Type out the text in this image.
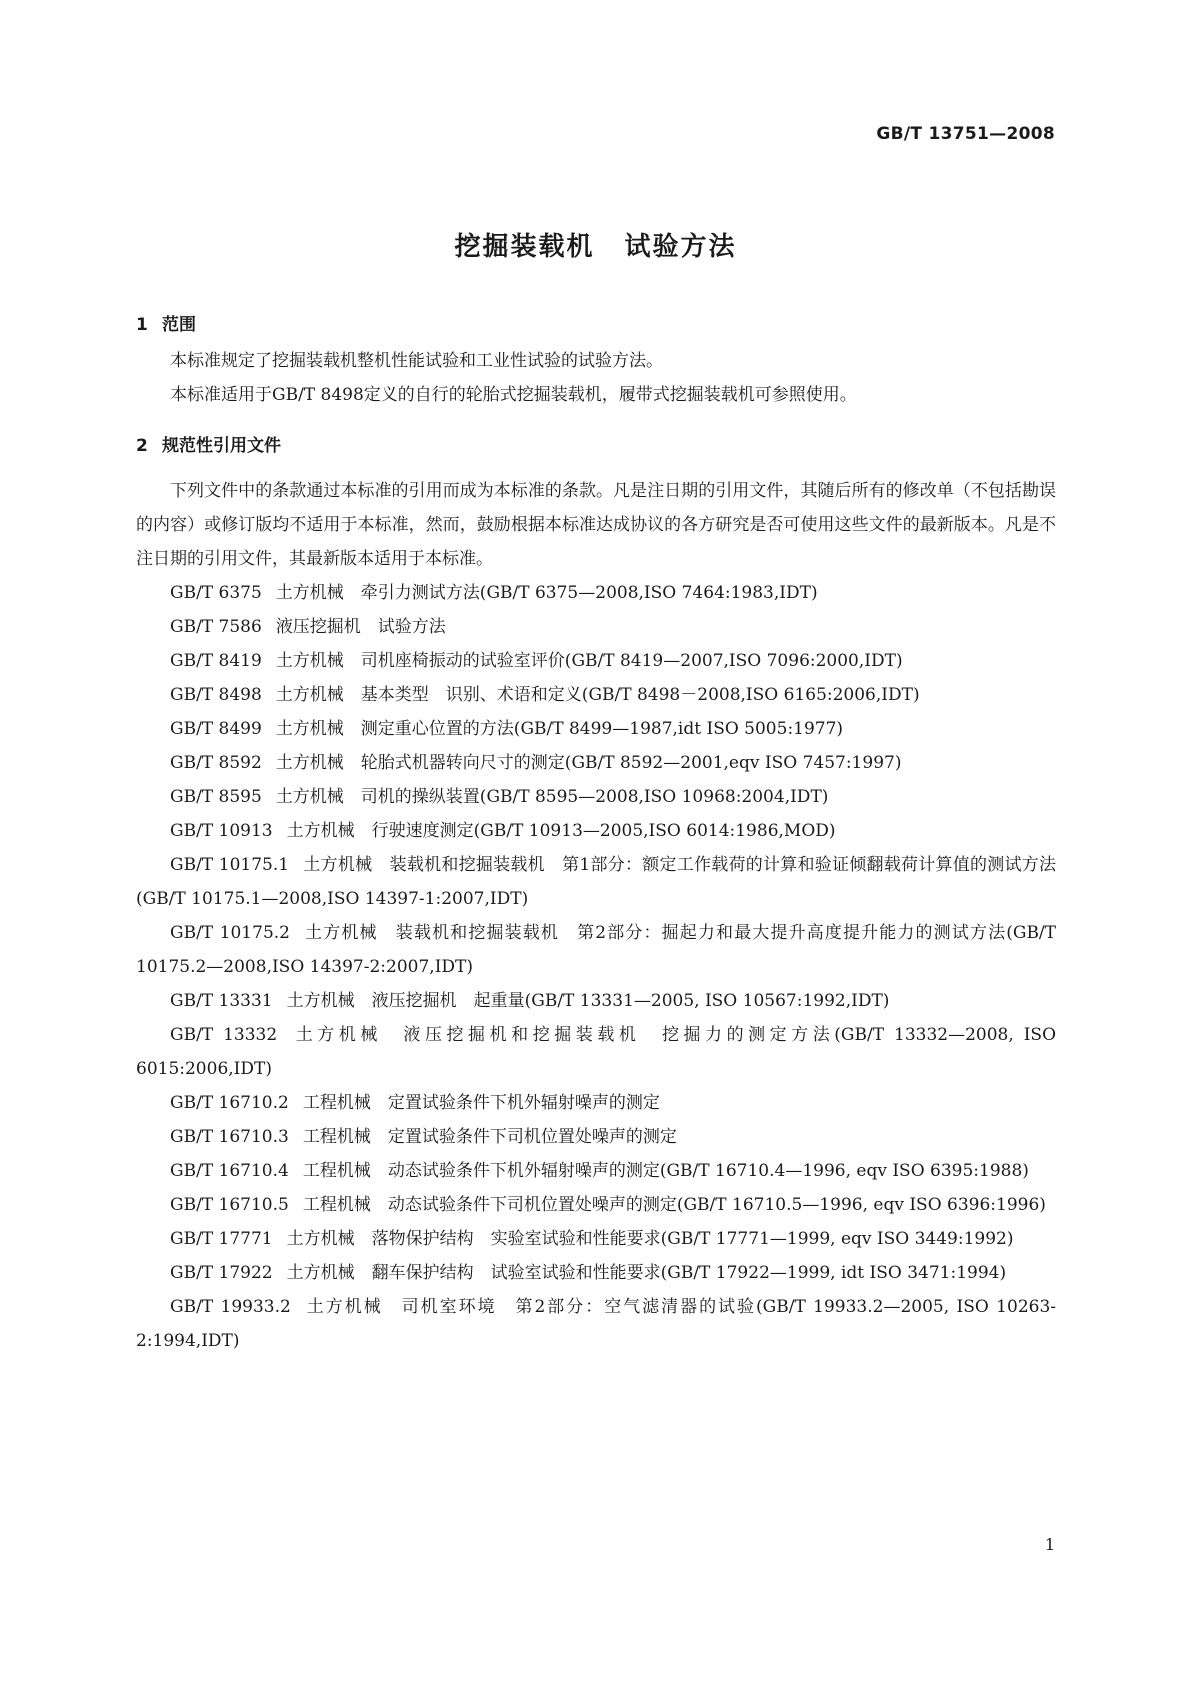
GB/T 13751—2008
挖掘装载机 试验方法
1 范围

本标准规定了挖掘装载机整机性能试验和工业性试验的试验方法。

本标准适用于GB/T 8498定义的自行的轮胎式挖掘装载机，履带式挖掘装载机可参照使用。

2 规范性引用文件

下列文件中的条款通过本标准的引用而成为本标准的条款。凡是注日期的引用文件，其随后所有的修改单（不包括勘误的内容）或修订版均不适用于本标准，然而，鼓励根据本标准达成协议的各方研究是否可使用这些文件的最新版本。凡是不注日期的引用文件，其最新版本适用于本标准。

GB/T 6375 土方机械　牵引力测试方法(GB/T 6375—2008,ISO 7464:1983,IDT)

GB/T 7586 液压挖掘机　试验方法

GB/T 8419 土方机械　司机座椅振动的试验室评价(GB/T 8419—2007,ISO 7096:2000,IDT)

GB/T 8498 土方机械　基本类型　识别、术语和定义(GB/T 8498－2008,ISO 6165:2006,IDT)

GB/T 8499 土方机械　测定重心位置的方法(GB/T 8499—1987,idt ISO 5005:1977)

GB/T 8592 土方机械　轮胎式机器转向尺寸的测定(GB/T 8592—2001,eqv ISO 7457:1997)

GB/T 8595 土方机械　司机的操纵装置(GB/T 8595—2008,ISO 10968:2004,IDT)

GB/T 10913 土方机械　行驶速度测定(GB/T 10913—2005,ISO 6014:1986,MOD)

GB/T 10175.1 土方机械　装载机和挖掘装载机　第1部分：额定工作载荷的计算和验证倾翻载荷计算值的测试方法(GB/T 10175.1—2008,ISO 14397-1:2007,IDT)

GB/T 10175.2 土方机械　装载机和挖掘装载机　第2部分：掘起力和最大提升高度提升能力的测试方法(GB/T 10175.2—2008,ISO 14397-2:2007,IDT)

GB/T 13331 土方机械　液压挖掘机　起重量(GB/T 13331—2005, ISO 10567:1992,IDT)

GB/T 13332 土方机械　液压挖掘机和挖掘装载机　挖掘力的测定方法(GB/T 13332—2008, ISO 6015:2006,IDT)

GB/T 16710.2 工程机械　定置试验条件下机外辐射噪声的测定

GB/T 16710.3 工程机械　定置试验条件下司机位置处噪声的测定

GB/T 16710.4 工程机械　动态试验条件下机外辐射噪声的测定(GB/T 16710.4—1996, eqv ISO 6395:1988)

GB/T 16710.5 工程机械　动态试验条件下司机位置处噪声的测定(GB/T 16710.5—1996, eqv ISO 6396:1996)

GB/T 17771 土方机械　落物保护结构　实验室试验和性能要求(GB/T 17771—1999, eqv ISO 3449:1992)

GB/T 17922 土方机械　翻车保护结构　试验室试验和性能要求(GB/T 17922—1999, idt ISO 3471:1994)

GB/T 19933.2 土方机械　司机室环境　第2部分：空气滤清器的试验(GB/T 19933.2—2005, ISO 10263-2:1994,IDT)

1
